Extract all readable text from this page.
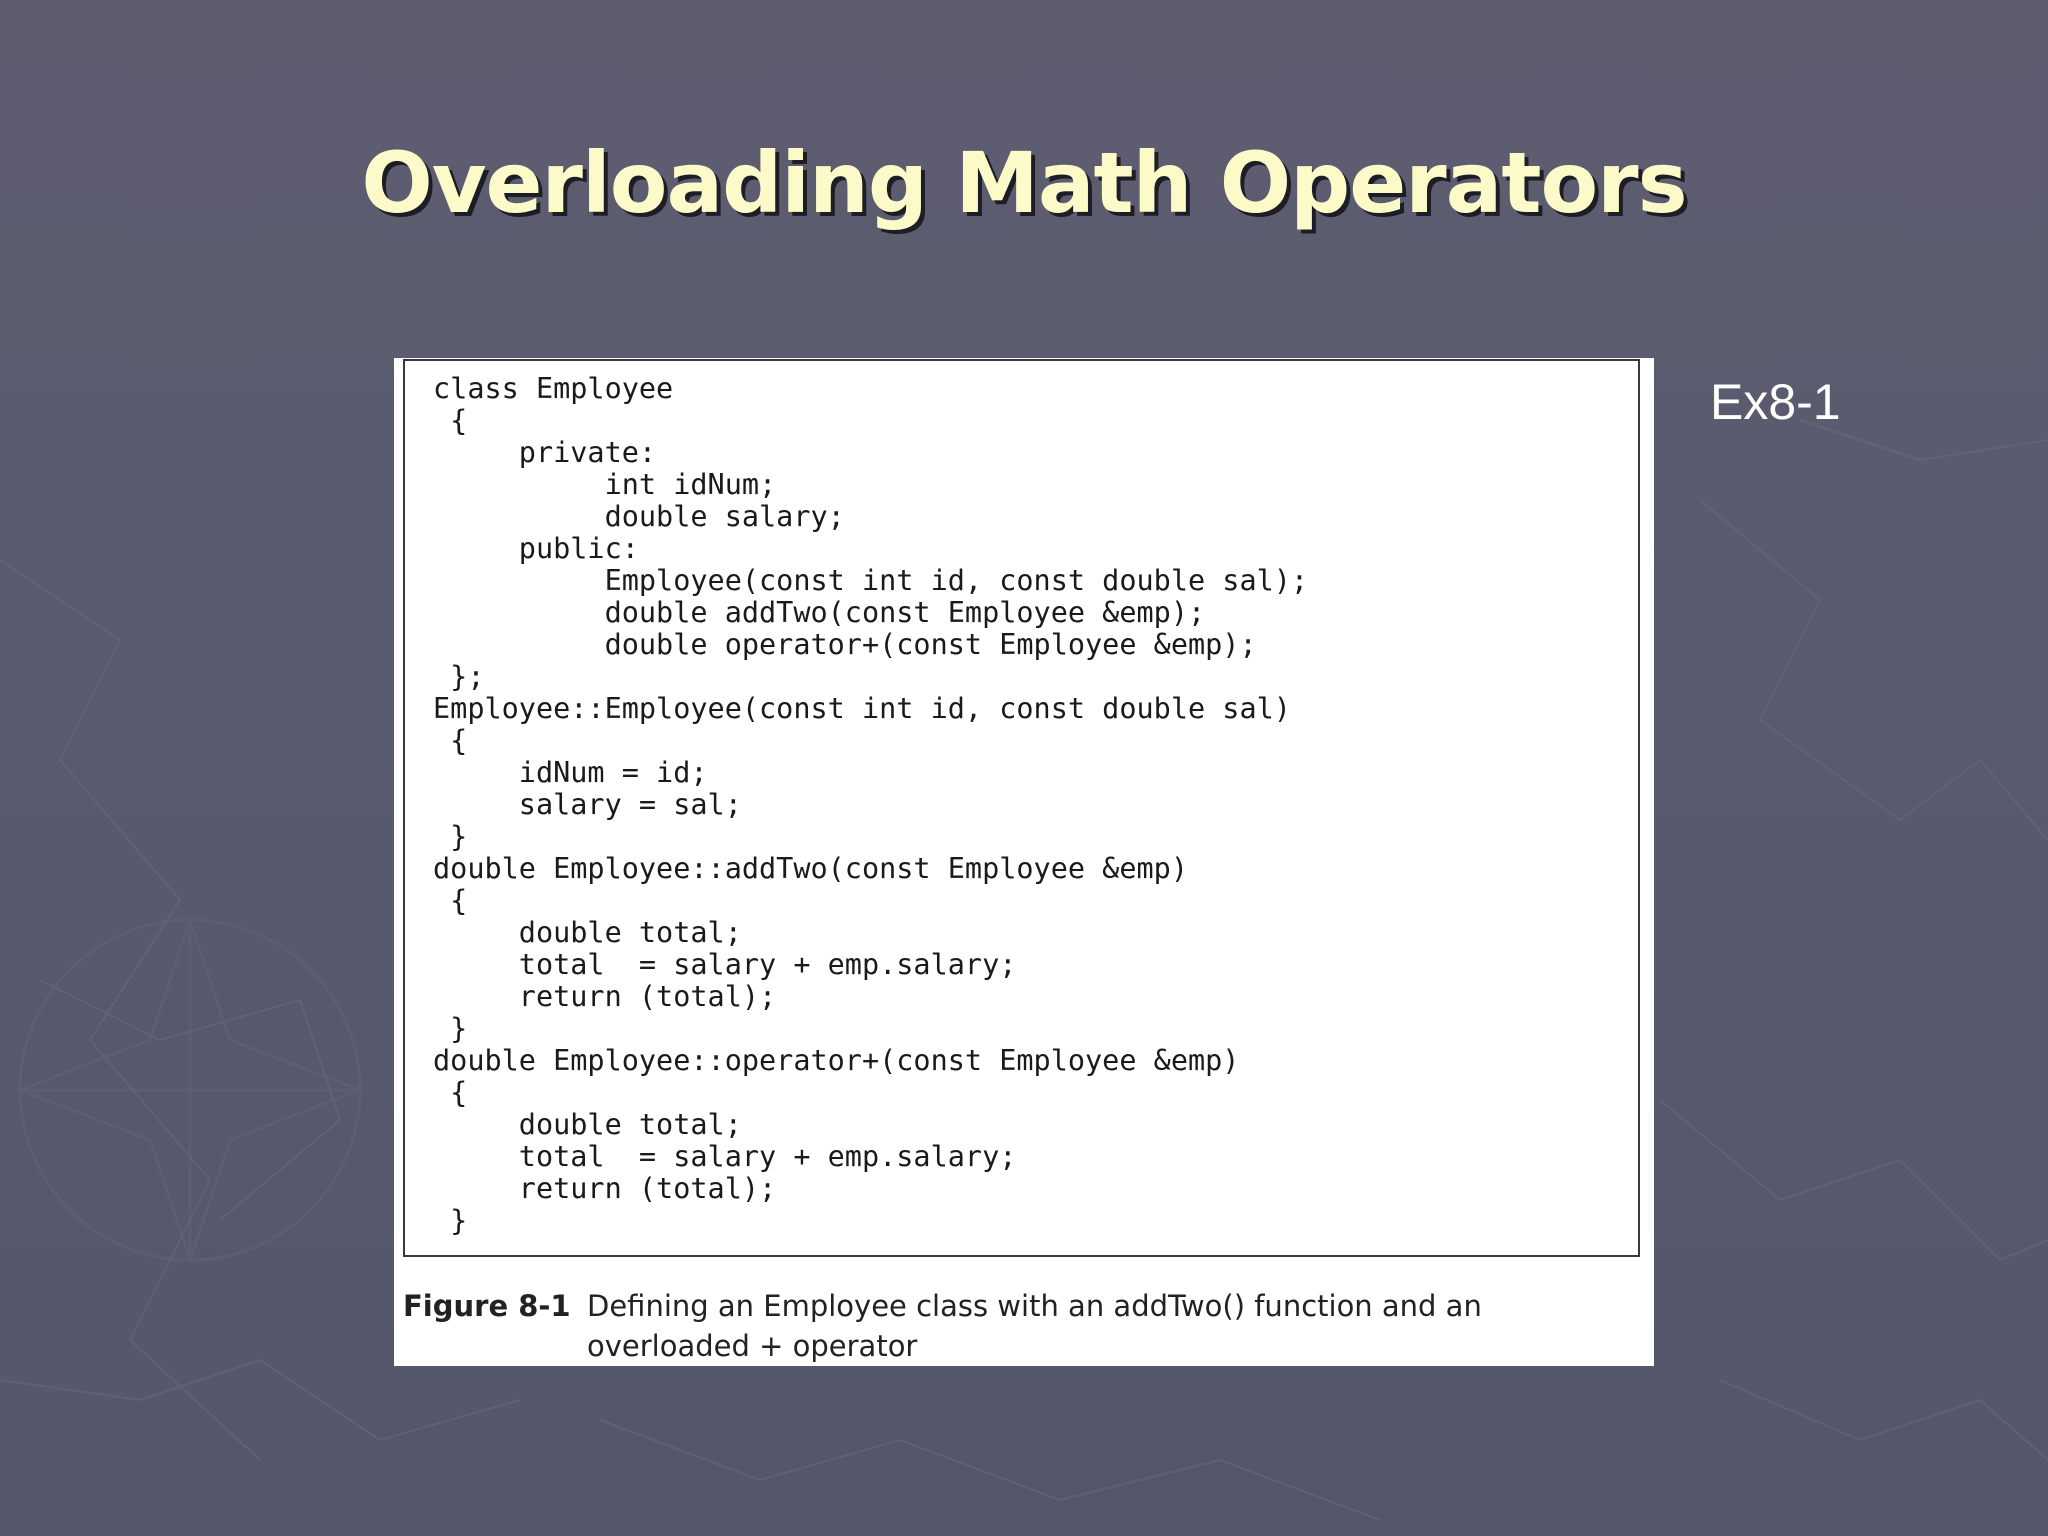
Overloading Math Operators
Ex8-1
class Employee
{
private:
int idNum;
double salary;
public:
Employee(const int id, const double sal);
double addTwo(const Employee &emp);
double operator+(const Employee &emp);
};
Employee::Employee(const int id, const double sal)
{
idNum = id;
salary = sal;
}
double Employee::addTwo(const Employee &emp)
{
double total;
total  = salary + emp.salary;
return (total);
}
double Employee::operator+(const Employee &emp)
{
double total;
total  = salary + emp.salary;
return (total);
}
Figure 8-1 Defining an Employee class with an addTwo() function and an overloaded + operator
